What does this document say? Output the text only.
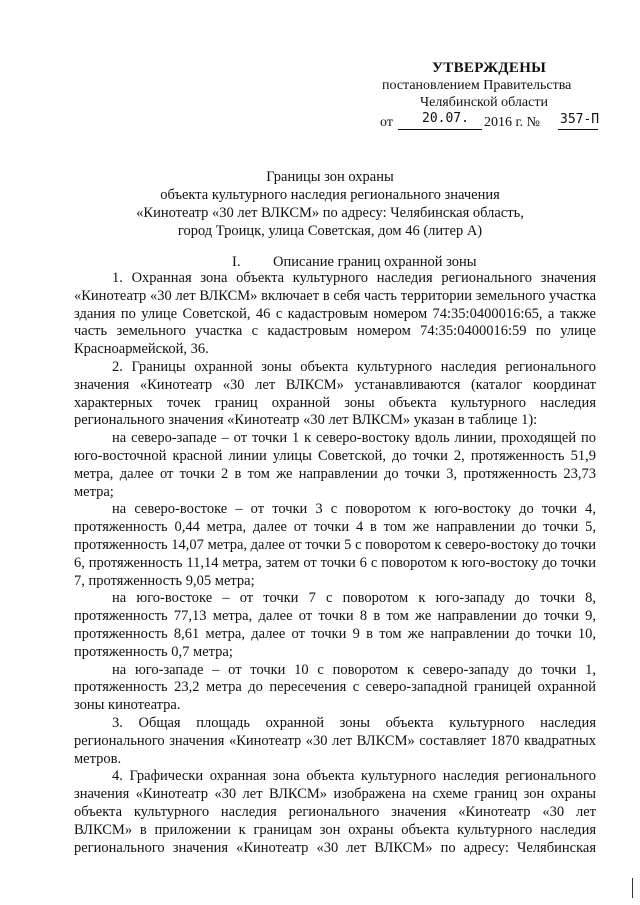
УТВЕРЖДЕНЫ
постановлением Правительства
Челябинской области
от 20.07. 2016 г. № 357-П
Границы зон охраны
объекта культурного наследия регионального значения
«Кинотеатр «30 лет ВЛКСМ» по адресу: Челябинская область,
город Троицк, улица Советская, дом 46 (литер А)
I. Описание границ охранной зоны

1. Охранная зона объекта культурного наследия регионального значения «Кинотеатр «30 лет ВЛКСМ» включает в себя часть территории земельного участка здания по улице Советской, 46 с кадастровым номером 74:35:0400016:65, а также часть земельного участка с кадастровым номером 74:35:0400016:59 по улице Красноармейской, 36.

2. Границы охранной зоны объекта культурного наследия регионального значения «Кинотеатр «30 лет ВЛКСМ» устанавливаются (каталог координат характерных точек границ охранной зоны объекта культурного наследия регионального значения «Кинотеатр «30 лет ВЛКСМ» указан в таблице 1):

на северо-западе – от точки 1 к северо-востоку вдоль линии, проходящей по юго-восточной красной линии улицы Советской, до точки 2, протяженность 51,9 метра, далее от точки 2 в том же направлении до точки 3, протяженность 23,73 метра;

на северо-востоке – от точки 3 с поворотом к юго-востоку до точки 4, протяженность 0,44 метра, далее от точки 4 в том же направлении до точки 5, протяженность 14,07 метра, далее от точки 5 с поворотом к северо-востоку до точки 6, протяженность 11,14 метра, затем от точки 6 с поворотом к юго-востоку до точки 7, протяженность 9,05 метра;

на юго-востоке – от точки 7 с поворотом к юго-западу до точки 8, протяженность 77,13 метра, далее от точки 8 в том же направлении до точки 9, протяженность 8,61 метра, далее от точки 9 в том же направлении до точки 10, протяженность 0,7 метра;

на юго-западе – от точки 10 с поворотом к северо-западу до точки 1, протяженность 23,2 метра до пересечения с северо-западной границей охранной зоны кинотеатра.

3. Общая площадь охранной зоны объекта культурного наследия регионального значения «Кинотеатр «30 лет ВЛКСМ» составляет 1870 квадратных метров.

4. Графически охранная зона объекта культурного наследия регионального значения «Кинотеатр «30 лет ВЛКСМ» изображена на схеме границ зон охраны объекта культурного наследия регионального значения «Кинотеатр «30 лет ВЛКСМ» в приложении к границам зон охраны объекта культурного наследия регионального значения «Кинотеатр «30 лет ВЛКСМ» по адресу: Челябинская
